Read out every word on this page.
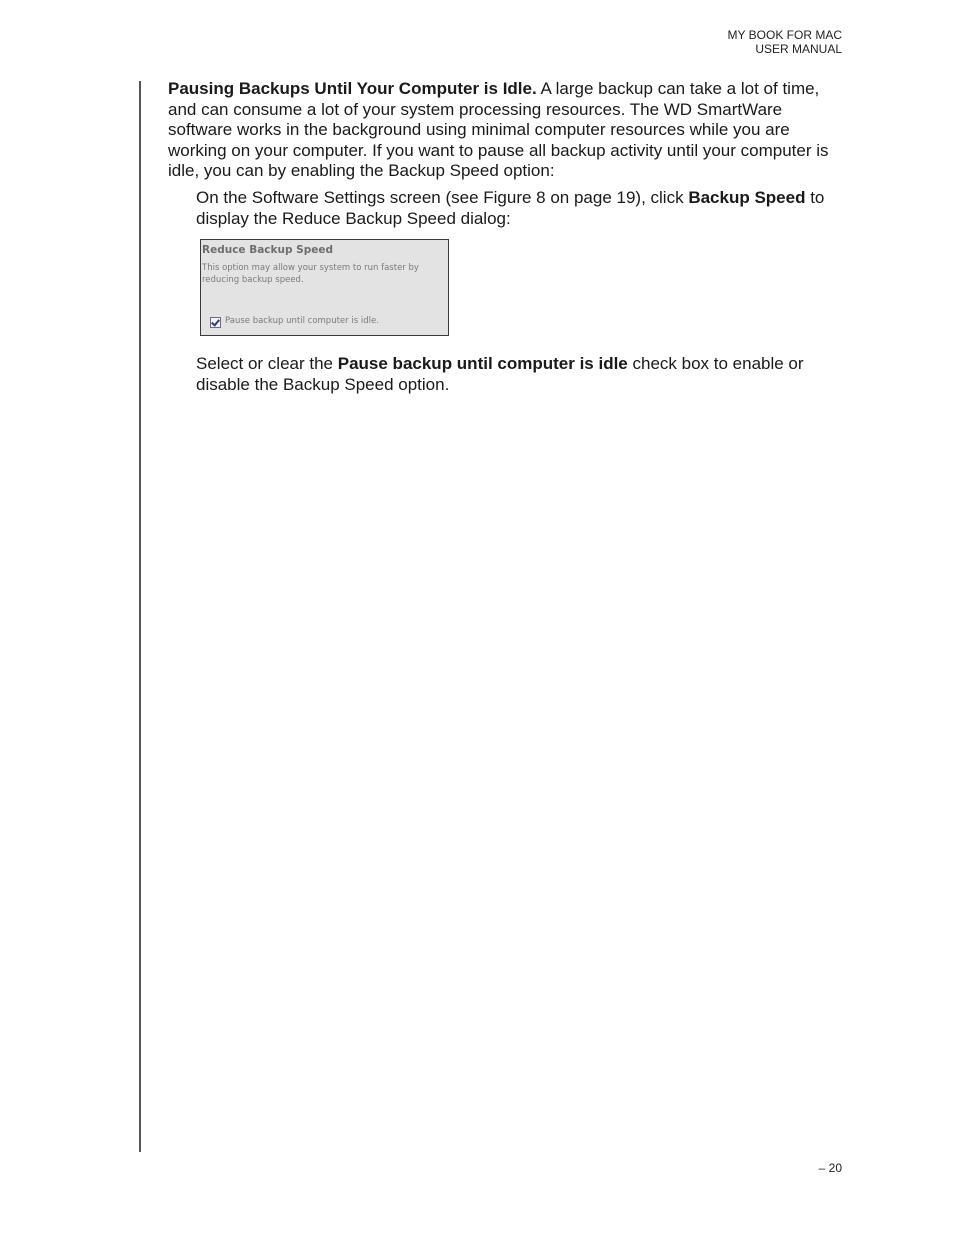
MY BOOK FOR MAC
USER MANUAL

Pausing Backups Until Your Computer is Idle. A large backup can take a lot of time, and can consume a lot of your system processing resources. The WD SmartWare software works in the background using minimal computer resources while you are working on your computer. If you want to pause all backup activity until your computer is idle, you can by enabling the Backup Speed option:

On the Software Settings screen (see Figure 8 on page 19), click Backup Speed to display the Reduce Backup Speed dialog:

Reduce Backup Speed
This option may allow your system to run faster by reducing backup speed.
Pause backup until computer is idle.

Select or clear the Pause backup until computer is idle check box to enable or disable the Backup Speed option.

– 20
